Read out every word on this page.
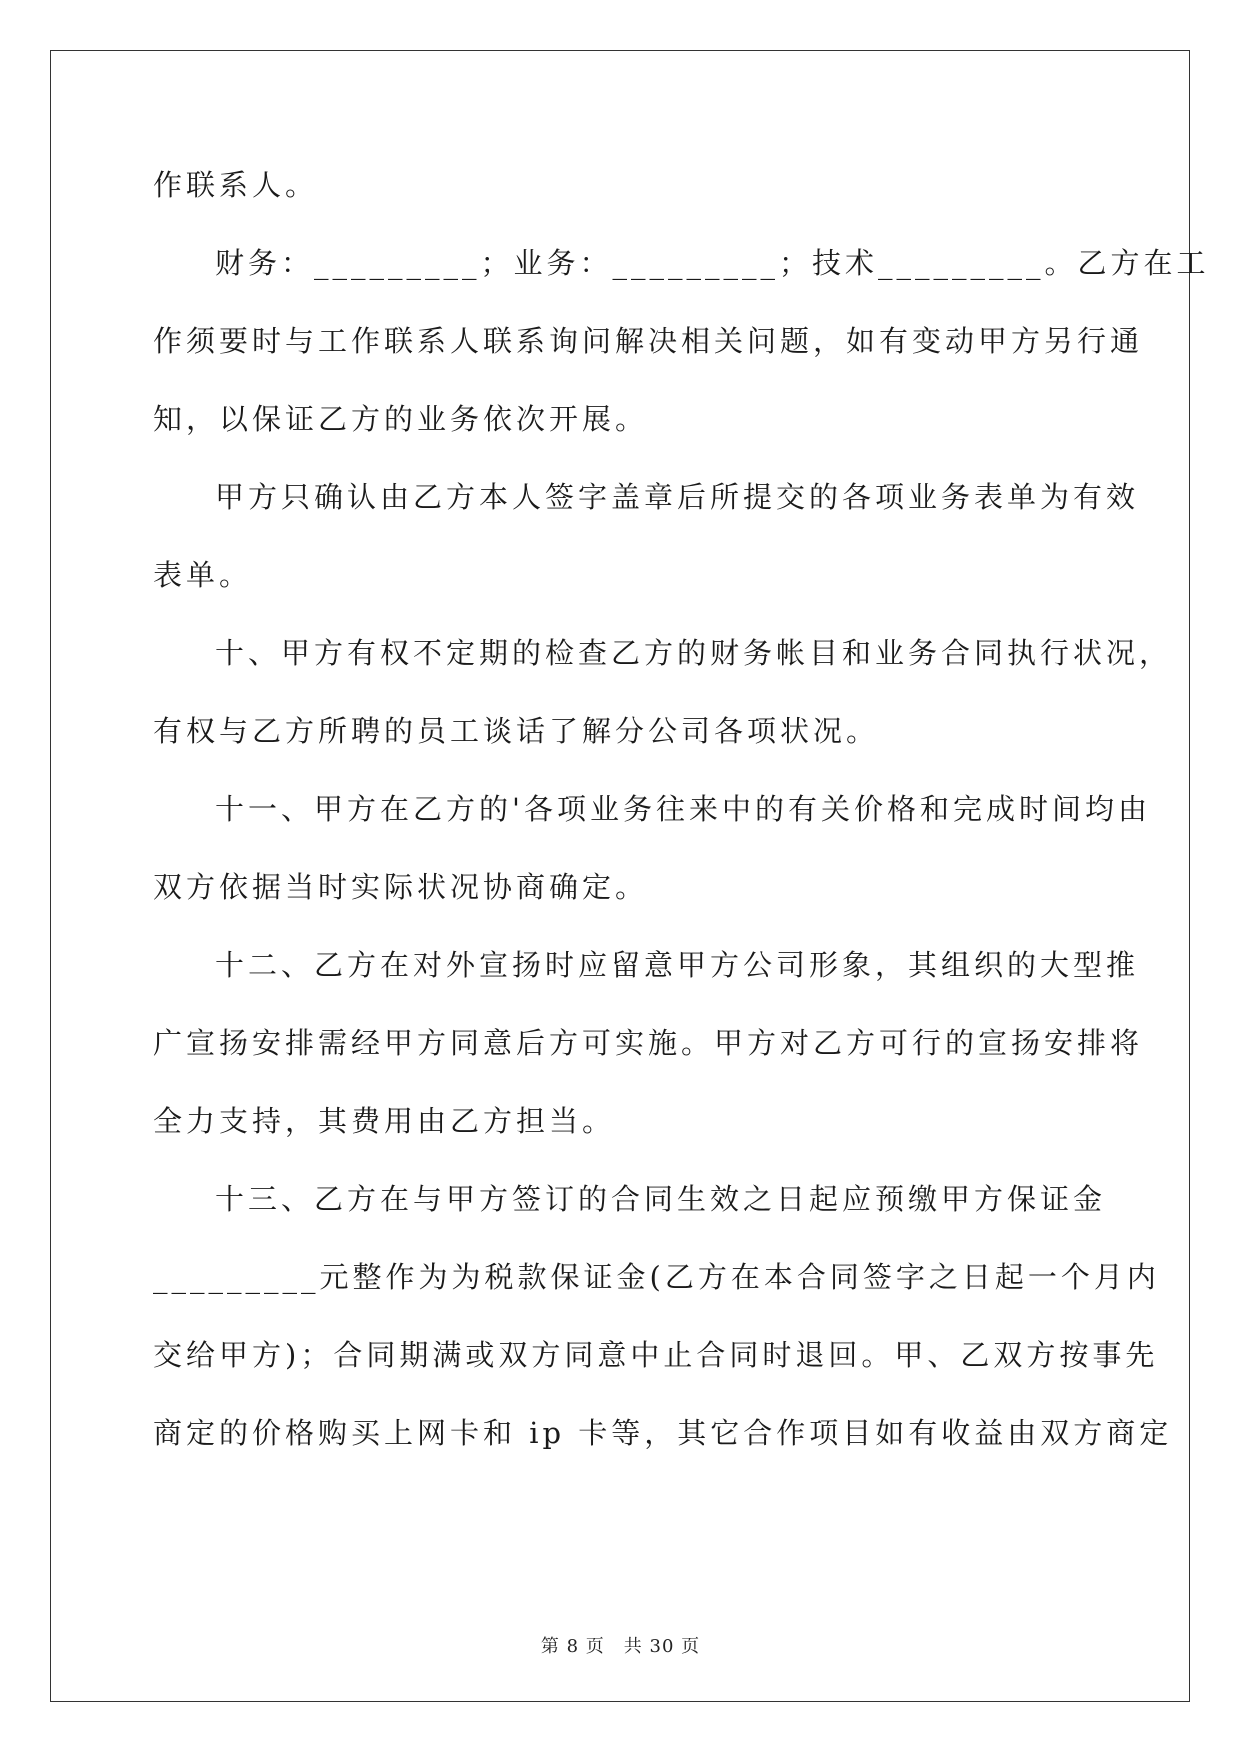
作联系人。
财务：_________；业务：_________；技术_________。乙方在工
作须要时与工作联系人联系询问解决相关问题，如有变动甲方另行通
知，以保证乙方的业务依次开展。
甲方只确认由乙方本人签字盖章后所提交的各项业务表单为有效
表单。
十、甲方有权不定期的检查乙方的财务帐目和业务合同执行状况，
有权与乙方所聘的员工谈话了解分公司各项状况。
十一、甲方在乙方的'各项业务往来中的有关价格和完成时间均由
双方依据当时实际状况协商确定。
十二、乙方在对外宣扬时应留意甲方公司形象，其组织的大型推
广宣扬安排需经甲方同意后方可实施。甲方对乙方可行的宣扬安排将
全力支持，其费用由乙方担当。
十三、乙方在与甲方签订的合同生效之日起应预缴甲方保证金
_________元整作为为税款保证金(乙方在本合同签字之日起一个月内
交给甲方)；合同期满或双方同意中止合同时退回。甲、乙双方按事先
商定的价格购买上网卡和 ip 卡等，其它合作项目如有收益由双方商定
第 8 页　共 30 页
